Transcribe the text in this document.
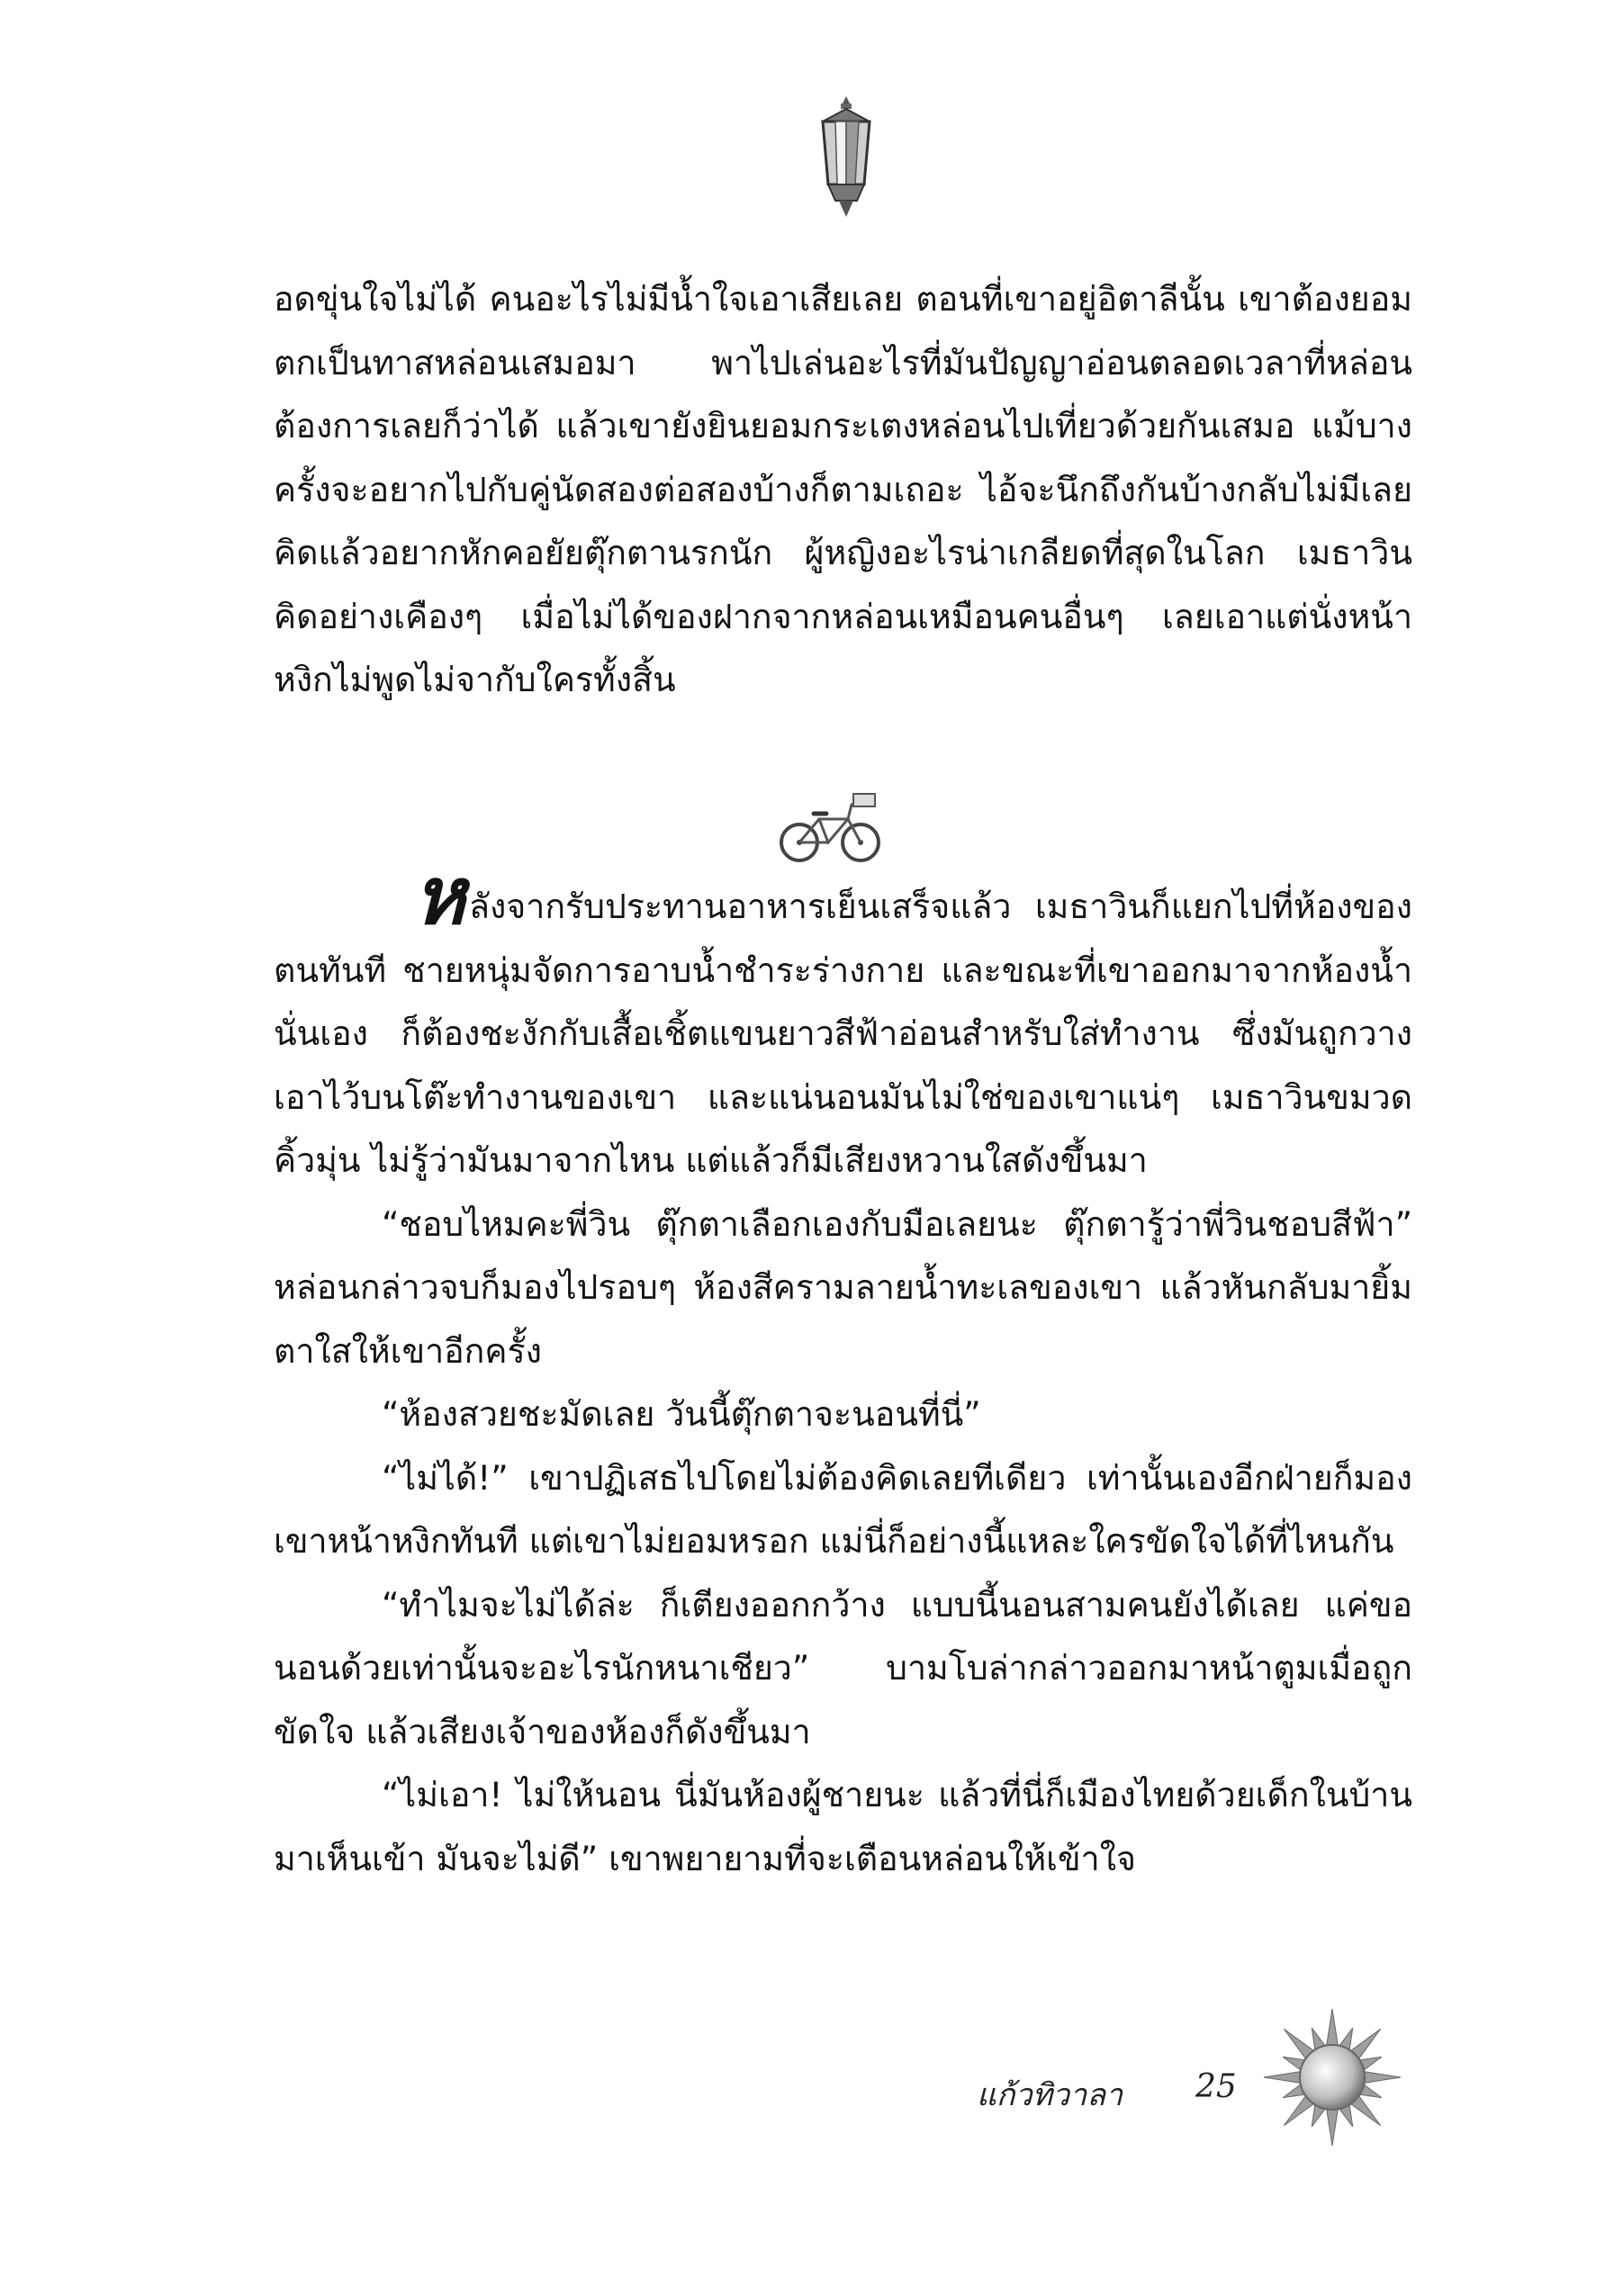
อดขุ่นใจไม่ได้ คนอะไรไม่มีน้ำใจเอาเสียเลย ตอนที่เขาอยู่อิตาลีนั้น เขาต้องยอมตกเป็นทาสหล่อนเสมอมา พาไปเล่นอะไรที่มันปัญญาอ่อนตลอดเวลาที่หล่อนต้องการเลยก็ว่าได้ แล้วเขายังยินยอมกระเตงหล่อนไปเที่ยวด้วยกันเสมอ แม้บางครั้งจะอยากไปกับคู่นัดสองต่อสองบ้างก็ตามเถอะ ไอ้จะนึกถึงกันบ้างกลับไม่มีเลย คิดแล้วอยากหักคอยัยตุ๊กตานรกนัก ผู้หญิงอะไรน่าเกลียดที่สุดในโลก เมธาวินคิดอย่างเคืองๆ เมื่อไม่ได้ของฝากจากหล่อนเหมือนคนอื่นๆ เลยเอาแต่นั่งหน้าหงิกไม่พูดไม่จากับใครทั้งสิ้น

หลังจากรับประทานอาหารเย็นเสร็จแล้ว เมธาวินก็แยกไปที่ห้องของตนทันที ชายหนุ่มจัดการอาบน้ำชำระร่างกาย และขณะที่เขาออกมาจากห้องน้ำนั่นเอง ก็ต้องชะงักกับเสื้อเชิ้ตแขนยาวสีฟ้าอ่อนสำหรับใส่ทำงาน ซึ่งมันถูกวางเอาไว้บนโต๊ะทำงานของเขา และแน่นอนมันไม่ใช่ของเขาแน่ๆ เมธาวินขมวดคิ้วมุ่น ไม่รู้ว่ามันมาจากไหน แต่แล้วก็มีเสียงหวานใสดังขึ้นมา

“ชอบไหมคะพี่วิน ตุ๊กตาเลือกเองกับมือเลยนะ ตุ๊กตารู้ว่าพี่วินชอบสีฟ้า” หล่อนกล่าวจบก็มองไปรอบๆ ห้องสีครามลายน้ำทะเลของเขา แล้วหันกลับมายิ้มตาใสให้เขาอีกครั้ง

“ห้องสวยชะมัดเลย วันนี้ตุ๊กตาจะนอนที่นี่”

“ไม่ได้!” เขาปฏิเสธไปโดยไม่ต้องคิดเลยทีเดียว เท่านั้นเองอีกฝ่ายก็มองเขาหน้าหงิกทันที แต่เขาไม่ยอมหรอก แม่นี่ก็อย่างนี้แหละใครขัดใจได้ที่ไหนกัน

“ทำไมจะไม่ได้ล่ะ ก็เตียงออกกว้าง แบบนี้นอนสามคนยังได้เลย แค่ขอนอนด้วยเท่านั้นจะอะไรนักหนาเชียว” บามโบล่ากล่าวออกมาหน้าตูมเมื่อถูกขัดใจ แล้วเสียงเจ้าของห้องก็ดังขึ้นมา

“ไม่เอา! ไม่ให้นอน นี่มันห้องผู้ชายนะ แล้วที่นี่ก็เมืองไทยด้วยเด็กในบ้านมาเห็นเข้า มันจะไม่ดี” เขาพยายามที่จะเตือนหล่อนให้เข้าใจ

แก้วทิวาลา 25
